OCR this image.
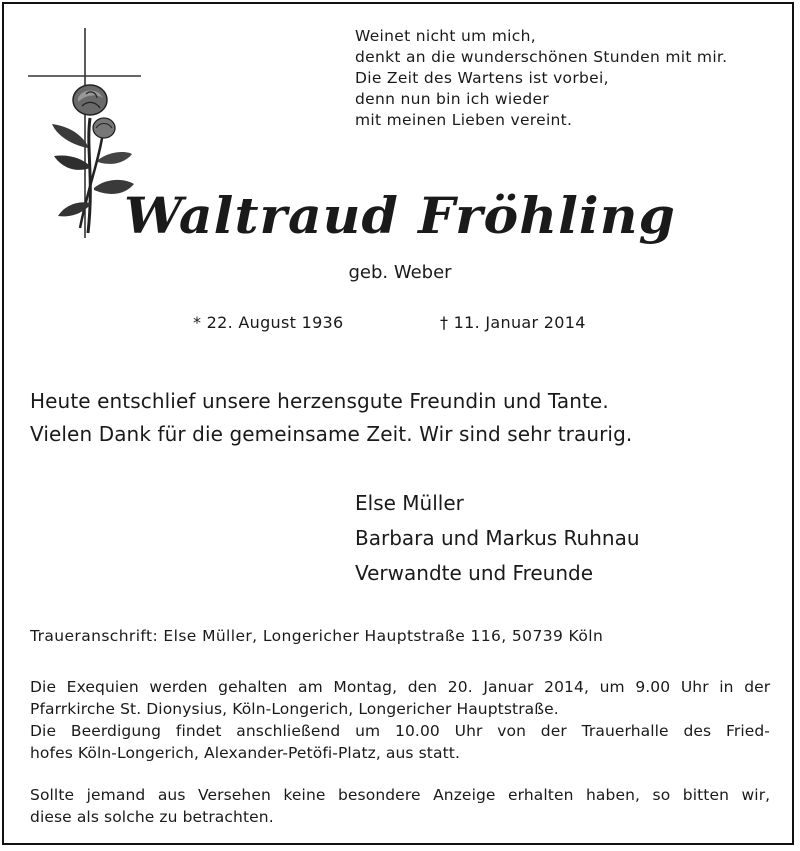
Weinet nicht um mich,
denkt an die wunderschönen Stunden mit mir.
Die Zeit des Wartens ist vorbei,
denn nun bin ich wieder
mit meinen Lieben vereint.
Waltraud Fröhling
geb. Weber
* 22. August 1936	† 11. Januar 2014
Heute entschlief unsere herzensgute Freundin und Tante.
Vielen Dank für die gemeinsame Zeit. Wir sind sehr traurig.
Else Müller
Barbara und Markus Ruhnau
Verwandte und Freunde
Traueranschrift: Else Müller, Longericher Hauptstraße 116, 50739 Köln
Die Exequien werden gehalten am Montag, den 20. Januar 2014, um 9.00 Uhr in der
Pfarrkirche St. Dionysius, Köln-Longerich, Longericher Hauptstraße.
Die Beerdigung findet anschließend um 10.00 Uhr von der Trauerhalle des Fried-
hofes Köln-Longerich, Alexander-Petöfi-Platz, aus statt.
Sollte jemand aus Versehen keine besondere Anzeige erhalten haben, so bitten wir,
diese als solche zu betrachten.
